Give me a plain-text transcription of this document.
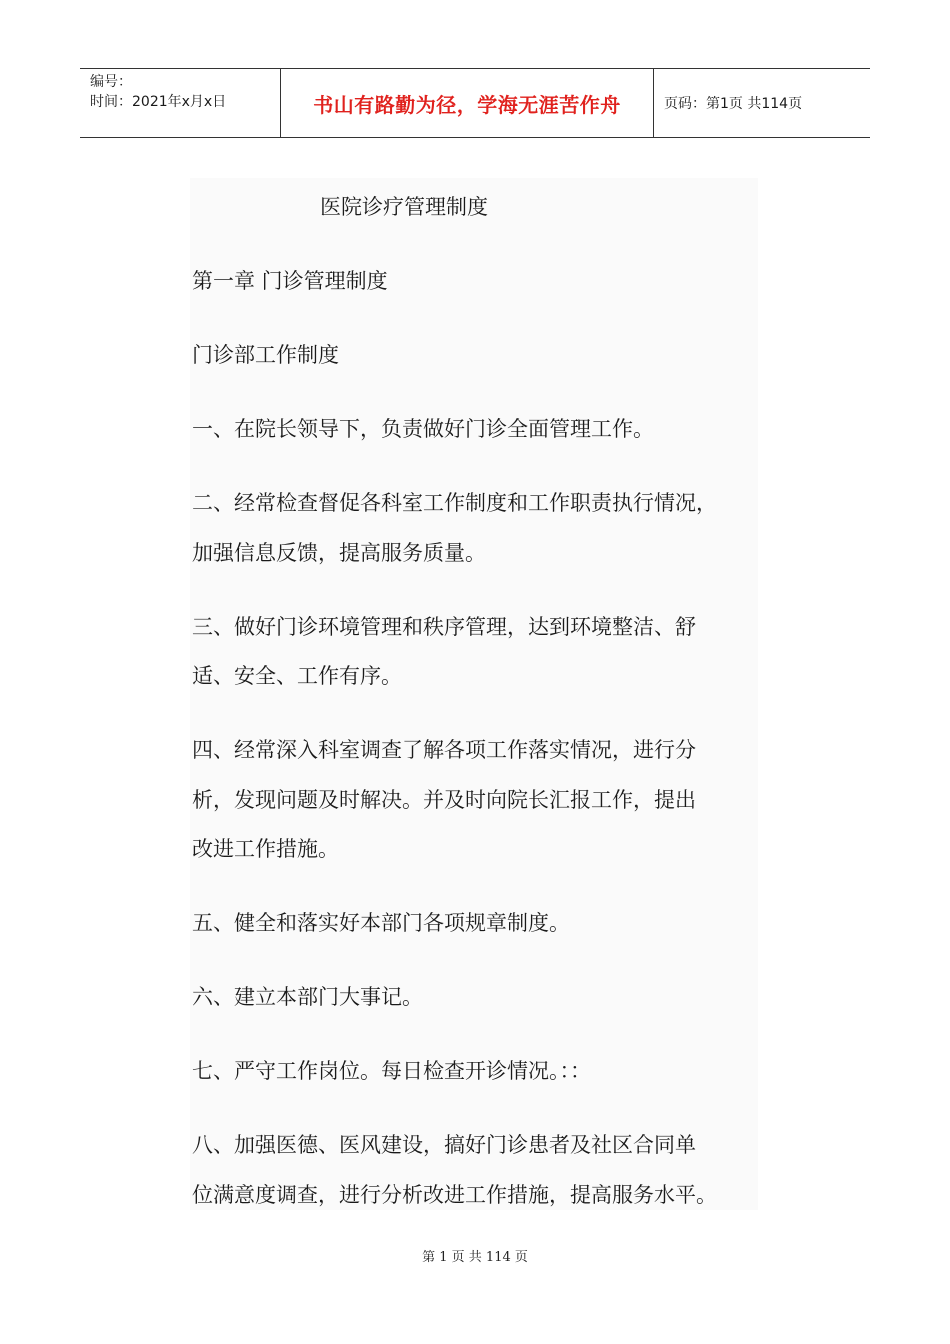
编号：
时间：2021年x月x日	书山有路勤为径，学海无涯苦作舟	页码：第1页 共114页
医院诊疗管理制度
第一章 门诊管理制度
门诊部工作制度
一、在院长领导下，负责做好门诊全面管理工作。
二、经常检查督促各科室工作制度和工作职责执行情况，
加强信息反馈，提高服务质量。
三、做好门诊环境管理和秩序管理，达到环境整洁、舒
适、安全、工作有序。
四、经常深入科室调查了解各项工作落实情况，进行分
析，发现问题及时解决。并及时向院长汇报工作，提出
改进工作措施。
五、健全和落实好本部门各项规章制度。
六、建立本部门大事记。
七、严守工作岗位。每日检查开诊情况。：：
八、加强医德、医风建设，搞好门诊患者及社区合同单
位满意度调查，进行分析改进工作措施，提高服务水平。
第 1 页 共 114 页
